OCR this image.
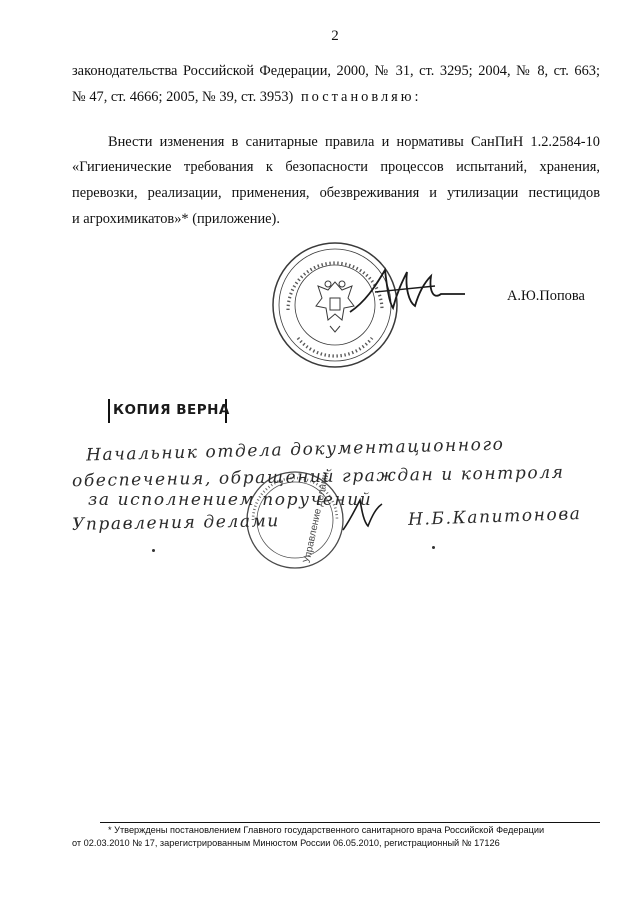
2
законодательства Российской Федерации, 2000, № 31, ст. 3295; 2004, № 8, ст. 663;
№ 47, ст. 4666; 2005, № 39, ст. 3953) постановляю:
Внести изменения в санитарные правила и нормативы СанПиН 1.2.2584-10
«Гигиенические требования к безопасности процессов испытаний, хранения,
перевозки, реализации, применения, обезвреживания и утилизации пестицидов
и агрохимикатов»* (приложение).
А.Ю.Попова
КОПИЯ ВЕРНА
Управление делами
Начальник отдела документационного
обеспечения, обращений граждан и контроля
за исполнением поручений
Управления делами	Н.Б.Капитонова
* Утверждены постановлением Главного государственного санитарного врача Российской Федерации
от 02.03.2010 № 17, зарегистрированным Минюстом России 06.05.2010, регистрационный № 17126
